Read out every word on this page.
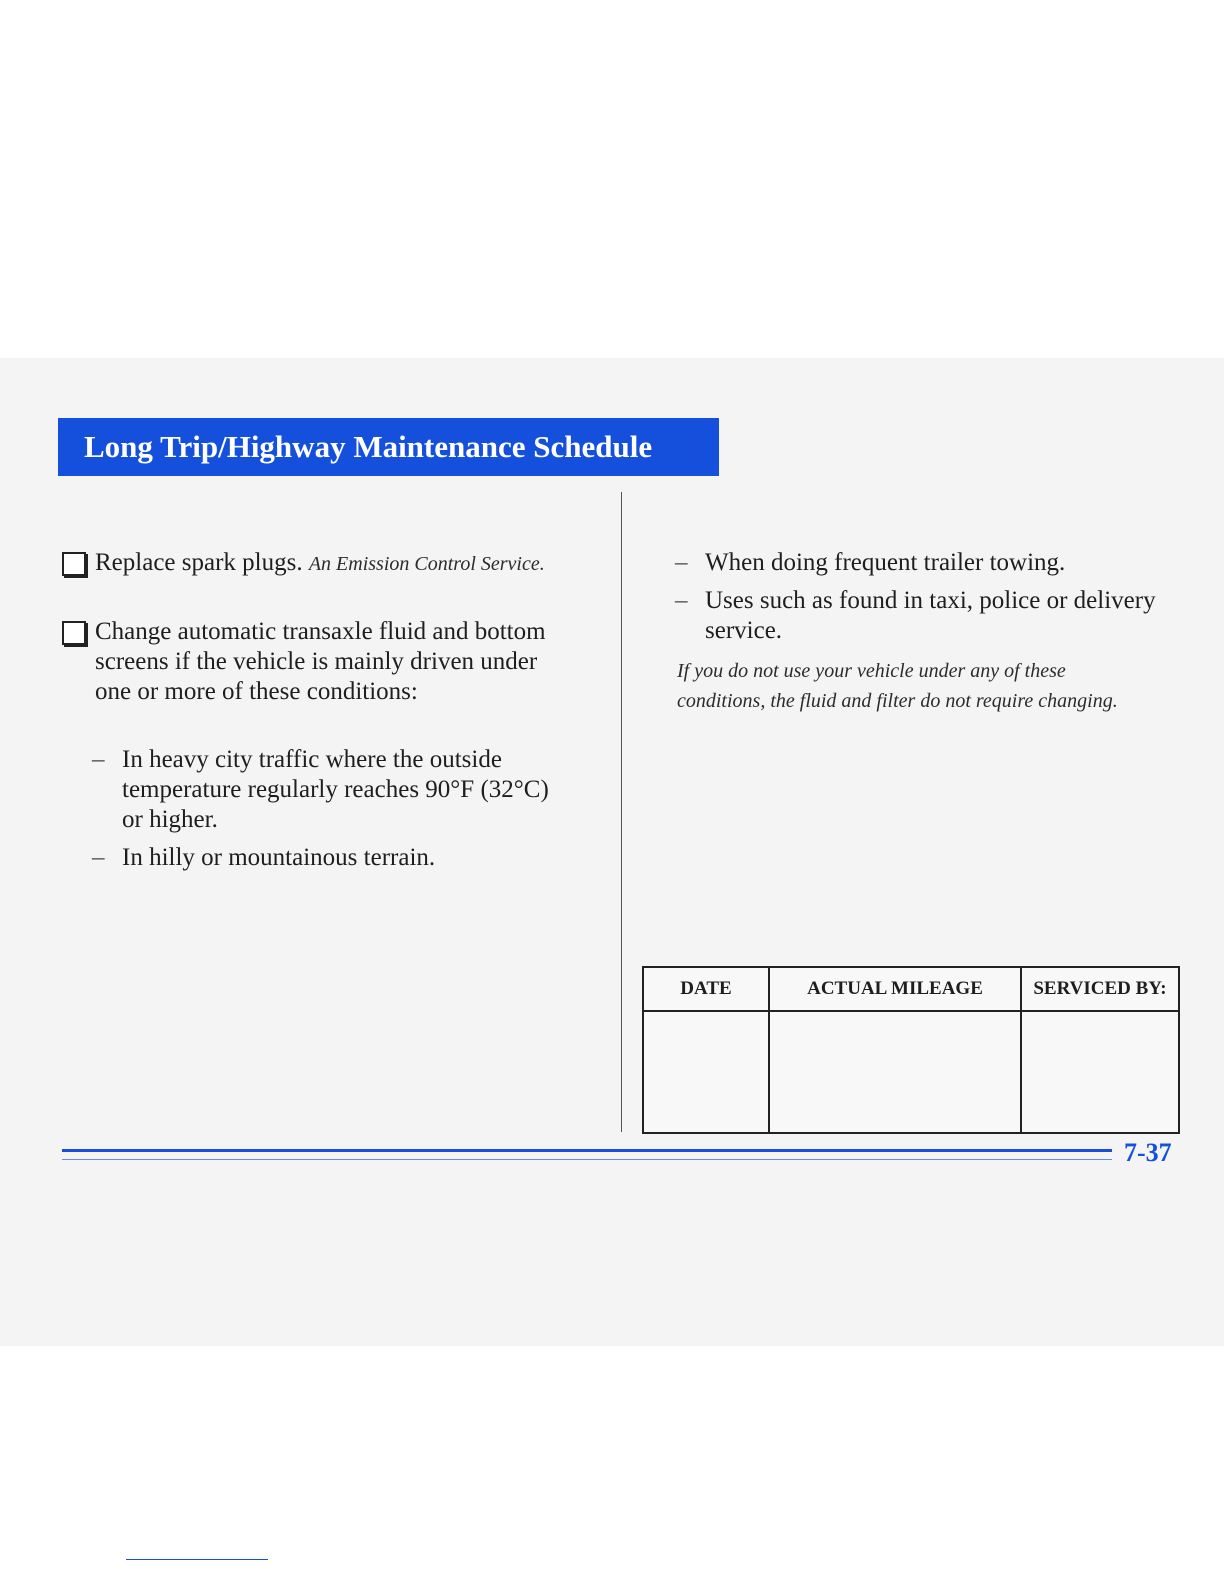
Long Trip/Highway Maintenance Schedule
Replace spark plugs. An Emission Control Service.
Change automatic transaxle fluid and bottom screens if the vehicle is mainly driven under one or more of these conditions:
– In heavy city traffic where the outside temperature regularly reaches 90°F (32°C) or higher.
– In hilly or mountainous terrain.
– When doing frequent trailer towing.
– Uses such as found in taxi, police or delivery service.
If you do not use your vehicle under any of these conditions, the fluid and filter do not require changing.
DATE	ACTUAL MILEAGE	SERVICED BY:

7-37
